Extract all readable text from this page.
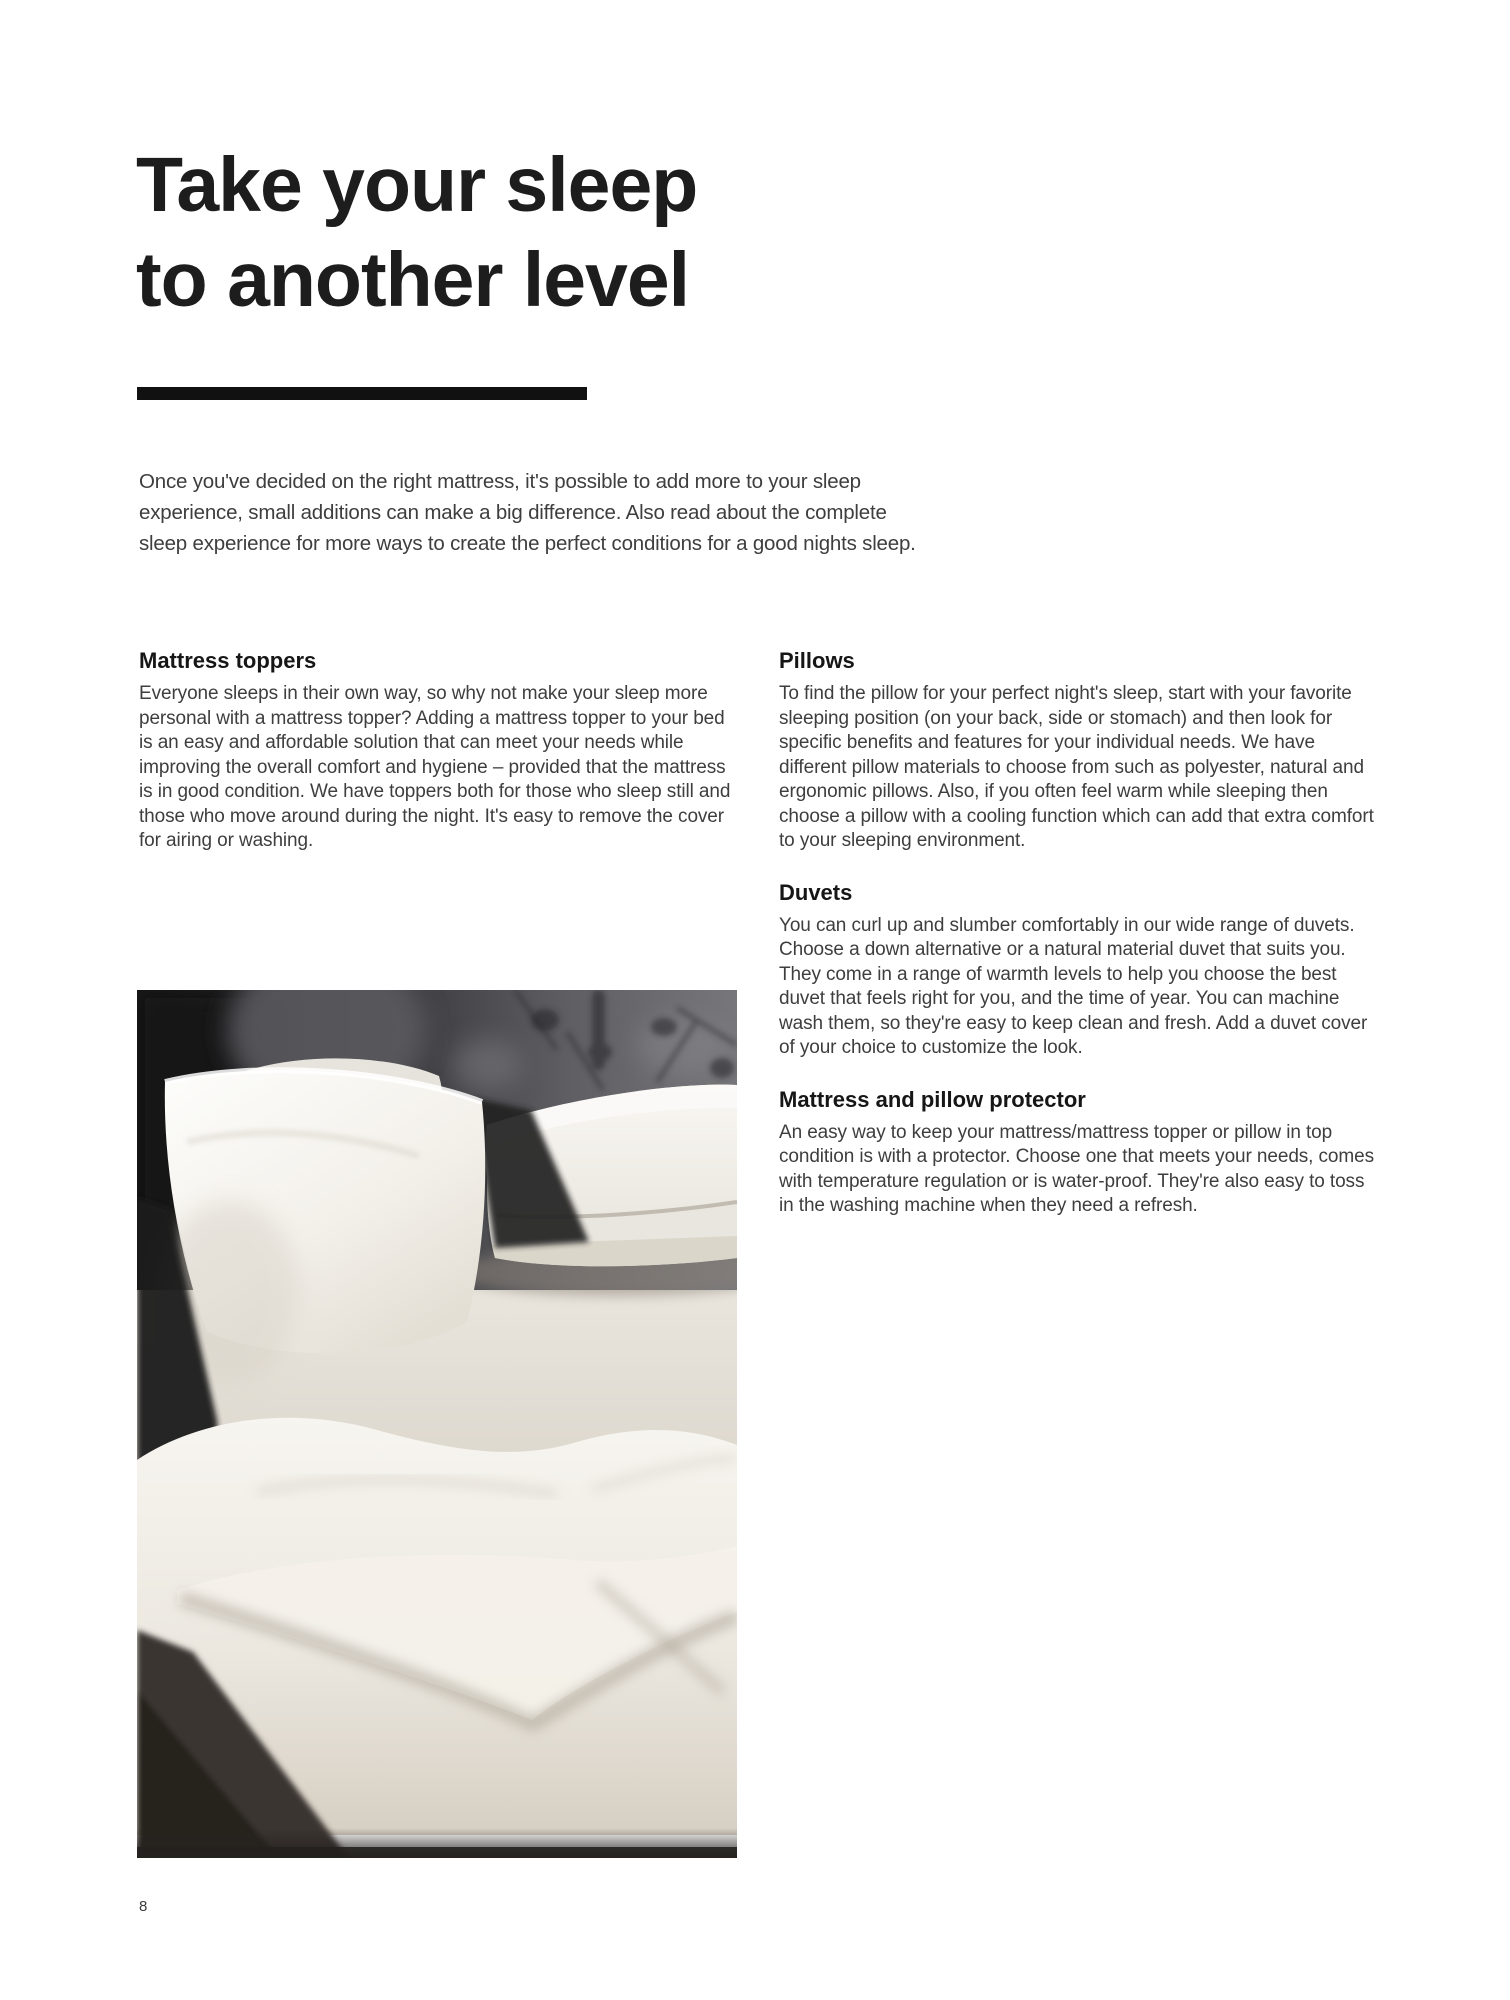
Take your sleep
to another level

Once you've decided on the right mattress, it's possible to add more to your sleep experience, small additions can make a big difference. Also read about the complete sleep experience for more ways to create the perfect conditions for a good nights sleep.

Mattress toppers

Everyone sleeps in their own way, so why not make your sleep more personal with a mattress topper? Adding a mattress topper to your bed is an easy and affordable solution that can meet your needs while improving the overall comfort and hygiene – provided that the mattress is in good condition. We have toppers both for those who sleep still and those who move around during the night. It's easy to remove the cover for airing or washing.

Pillows

To find the pillow for your perfect night's sleep, start with your favorite sleeping position (on your back, side or stomach) and then look for specific benefits and features for your individual needs. We have different pillow materials to choose from such as polyester, natural and ergonomic pillows. Also, if you often feel warm while sleeping then choose a pillow with a cooling function which can add that extra comfort to your sleeping environment.

Duvets

You can curl up and slumber comfortably in our wide range of duvets. Choose a down alternative or a natural material duvet that suits you. They come in a range of warmth levels to help you choose the best duvet that feels right for you, and the time of year. You can machine wash them, so they're easy to keep clean and fresh. Add a duvet cover of your choice to customize the look.

Mattress and pillow protector

An easy way to keep your mattress/mattress topper or pillow in top condition is with a protector. Choose one that meets your needs, comes with temperature regulation or is water-proof. They're also easy to toss in the washing machine when they need a refresh.

8
